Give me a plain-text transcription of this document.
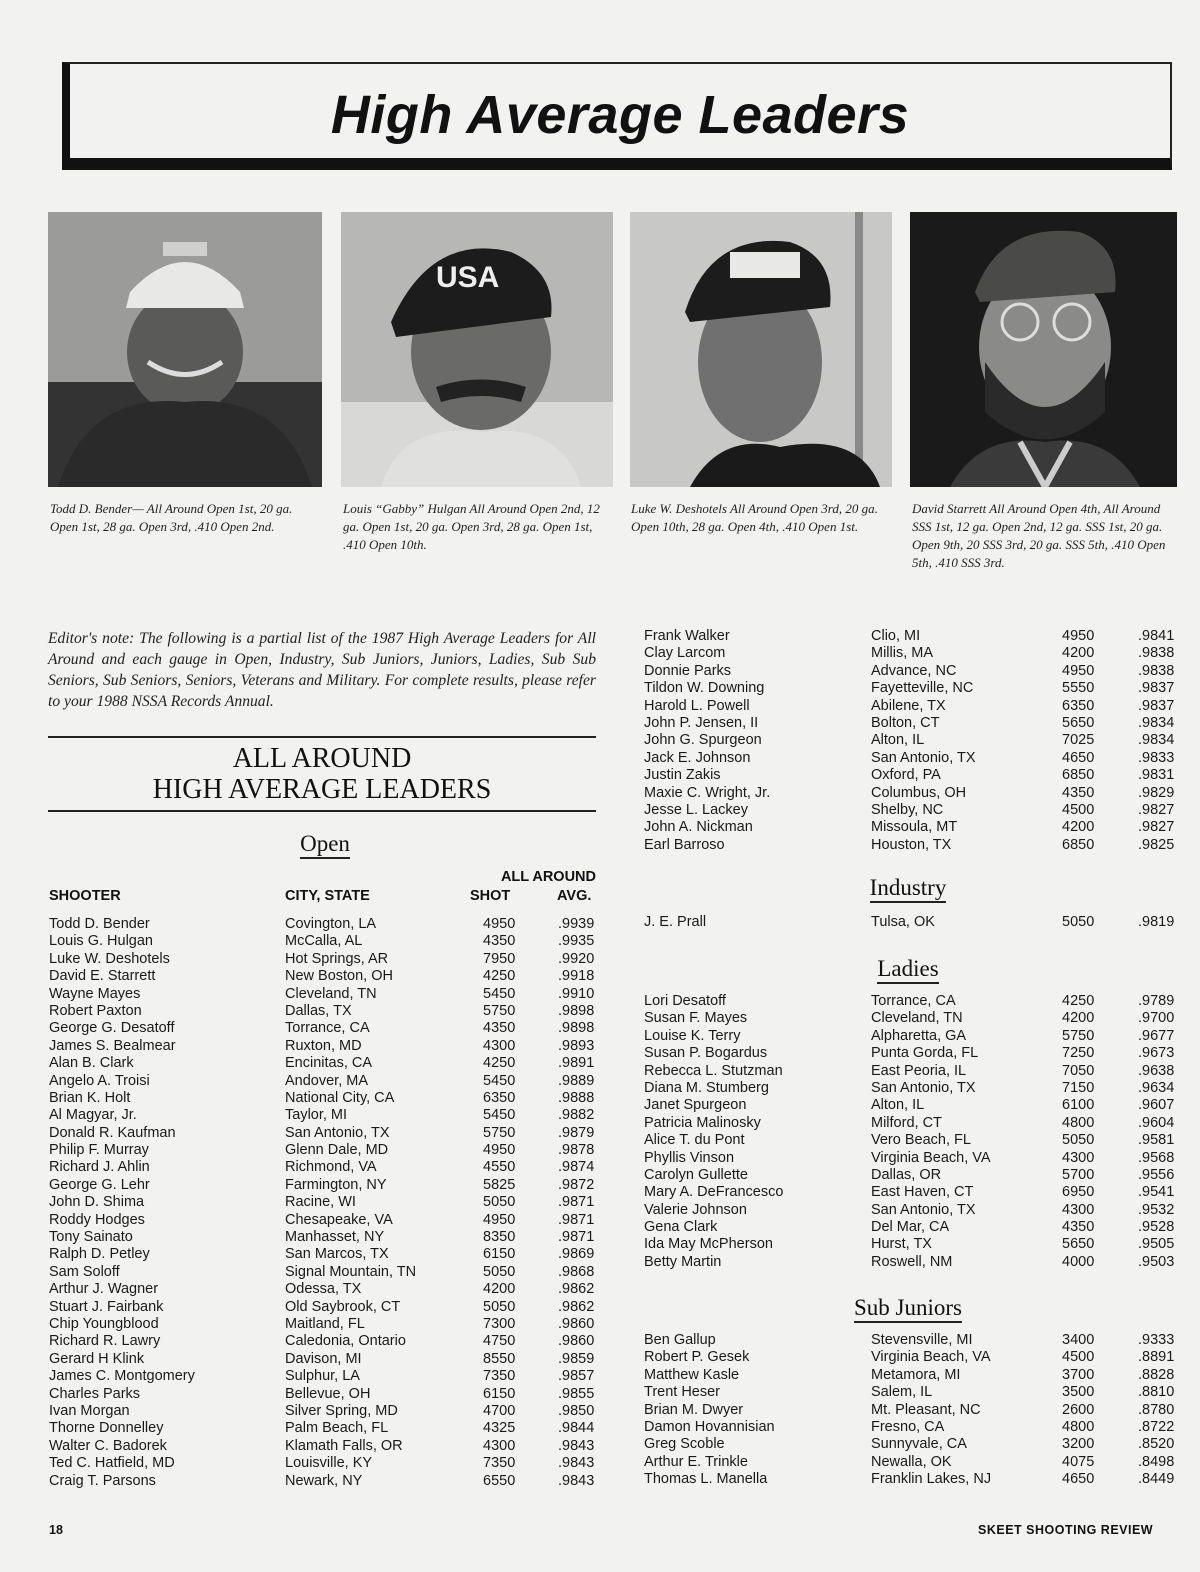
High Average Leaders
USA
Todd D. Bender— All Around Open 1st, 20 ga. Open 1st, 28 ga. Open 3rd, .410 Open 2nd.
Louis “Gabby” Hulgan All Around Open 2nd, 12 ga. Open 1st, 20 ga. Open 3rd, 28 ga. Open 1st, .410 Open 10th.
Luke W. Deshotels All Around Open 3rd, 20 ga. Open 10th, 28 ga. Open 4th, .410 Open 1st.
David Starrett All Around Open 4th, All Around SSS 1st, 12 ga. Open 2nd, 12 ga. SSS 1st, 20 ga. Open 9th, 20 SSS 3rd, 20 ga. SSS 5th, .410 Open 5th, .410 SSS 3rd.
Editor's note: The following is a partial list of the 1987 High Average Leaders for All Around and each gauge in Open, Industry, Sub Juniors, Juniors, Ladies, Sub Sub Seniors, Sub Seniors, Seniors, Veterans and Military. For complete results, please refer to your 1988 NSSA Records Annual.
ALL AROUND
HIGH AVERAGE LEADERS
Open
ALL AROUND
SHOOTER	CITY, STATE	SHOT	AVG.
Todd D. Bender	Covington, LA	4950	.9939
Louis G. Hulgan	McCalla, AL	4350	.9935
Luke W. Deshotels	Hot Springs, AR	7950	.9920
David E. Starrett	New Boston, OH	4250	.9918
Wayne Mayes	Cleveland, TN	5450	.9910
Robert Paxton	Dallas, TX	5750	.9898
George G. Desatoff	Torrance, CA	4350	.9898
James S. Bealmear	Ruxton, MD	4300	.9893
Alan B. Clark	Encinitas, CA	4250	.9891
Angelo A. Troisi	Andover, MA	5450	.9889
Brian K. Holt	National City, CA	6350	.9888
Al Magyar, Jr.	Taylor, MI	5450	.9882
Donald R. Kaufman	San Antonio, TX	5750	.9879
Philip F. Murray	Glenn Dale, MD	4950	.9878
Richard J. Ahlin	Richmond, VA	4550	.9874
George G. Lehr	Farmington, NY	5825	.9872
John D. Shima	Racine, WI	5050	.9871
Roddy Hodges	Chesapeake, VA	4950	.9871
Tony Sainato	Manhasset, NY	8350	.9871
Ralph D. Petley	San Marcos, TX	6150	.9869
Sam Soloff	Signal Mountain, TN	5050	.9868
Arthur J. Wagner	Odessa, TX	4200	.9862
Stuart J. Fairbank	Old Saybrook, CT	5050	.9862
Chip Youngblood	Maitland, FL	7300	.9860
Richard R. Lawry	Caledonia, Ontario	4750	.9860
Gerard H Klink	Davison, MI	8550	.9859
James C. Montgomery	Sulphur, LA	7350	.9857
Charles Parks	Bellevue, OH	6150	.9855
Ivan Morgan	Silver Spring, MD	4700	.9850
Thorne Donnelley	Palm Beach, FL	4325	.9844
Walter C. Badorek	Klamath Falls, OR	4300	.9843
Ted C. Hatfield, MD	Louisville, KY	7350	.9843
Craig T. Parsons	Newark, NY	6550	.9843
Frank Walker	Clio, MI	4950	.9841
Clay Larcom	Millis, MA	4200	.9838
Donnie Parks	Advance, NC	4950	.9838
Tildon W. Downing	Fayetteville, NC	5550	.9837
Harold L. Powell	Abilene, TX	6350	.9837
John P. Jensen, II	Bolton, CT	5650	.9834
John G. Spurgeon	Alton, IL	7025	.9834
Jack E. Johnson	San Antonio, TX	4650	.9833
Justin Zakis	Oxford, PA	6850	.9831
Maxie C. Wright, Jr.	Columbus, OH	4350	.9829
Jesse L. Lackey	Shelby, NC	4500	.9827
John A. Nickman	Missoula, MT	4200	.9827
Earl Barroso	Houston, TX	6850	.9825
Industry
J. E. Prall	Tulsa, OK	5050	.9819
Ladies
Lori Desatoff	Torrance, CA	4250	.9789
Susan F. Mayes	Cleveland, TN	4200	.9700
Louise K. Terry	Alpharetta, GA	5750	.9677
Susan P. Bogardus	Punta Gorda, FL	7250	.9673
Rebecca L. Stutzman	East Peoria, IL	7050	.9638
Diana M. Stumberg	San Antonio, TX	7150	.9634
Janet Spurgeon	Alton, IL	6100	.9607
Patricia Malinosky	Milford, CT	4800	.9604
Alice T. du Pont	Vero Beach, FL	5050	.9581
Phyllis Vinson	Virginia Beach, VA	4300	.9568
Carolyn Gullette	Dallas, OR	5700	.9556
Mary A. DeFrancesco	East Haven, CT	6950	.9541
Valerie Johnson	San Antonio, TX	4300	.9532
Gena Clark	Del Mar, CA	4350	.9528
Ida May McPherson	Hurst, TX	5650	.9505
Betty Martin	Roswell, NM	4000	.9503
Sub Juniors
Ben Gallup	Stevensville, MI	3400	.9333
Robert P. Gesek	Virginia Beach, VA	4500	.8891
Matthew Kasle	Metamora, MI	3700	.8828
Trent Heser	Salem, IL	3500	.8810
Brian M. Dwyer	Mt. Pleasant, NC	2600	.8780
Damon Hovannisian	Fresno, CA	4800	.8722
Greg Scoble	Sunnyvale, CA	3200	.8520
Arthur E. Trinkle	Newalla, OK	4075	.8498
Thomas L. Manella	Franklin Lakes, NJ	4650	.8449
18	SKEET SHOOTING REVIEW
